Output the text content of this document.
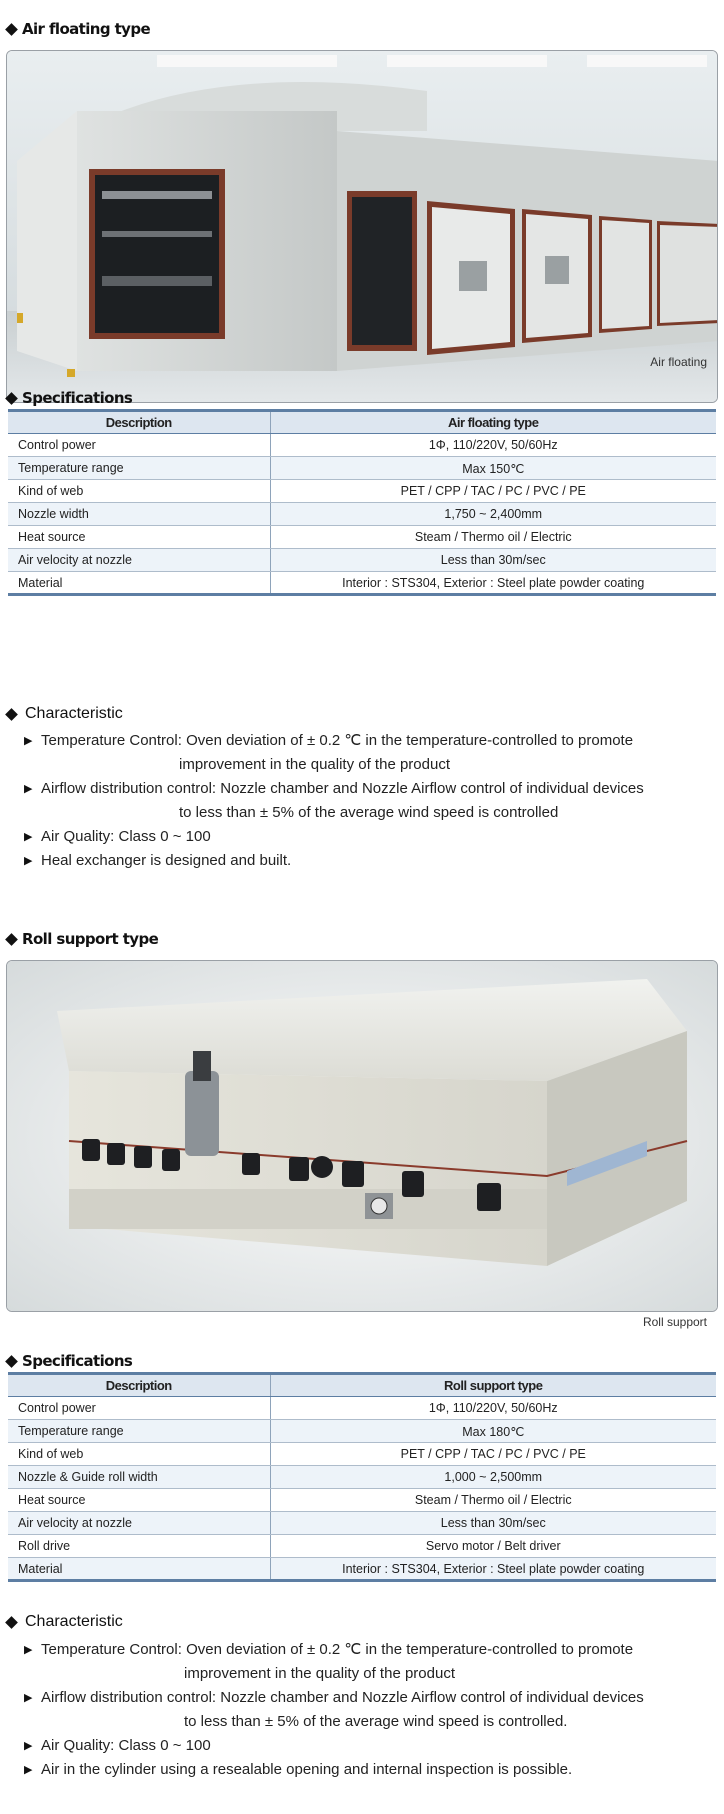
Air floating type
Air floating
Specifications
Description	Air floating type
Control power	1Φ, 110/220V, 50/60Hz
Temperature range	Max 150℃
Kind of web	PET / CPP / TAC / PC / PVC / PE
Nozzle width	1,750 ~ 2,400mm
Heat source	Steam / Thermo oil / Electric
Air velocity at nozzle	Less than 30m/sec
Material	Interior : STS304, Exterior : Steel plate powder coating
Characteristic
▶ Temperature Control: Oven deviation of ± 0.2 ℃ in the temperature-controlled to promote
improvement in the quality of the product
▶ Airflow distribution control: Nozzle chamber and Nozzle Airflow control of individual devices
to less than ± 5% of the average wind speed is controlled
▶ Air Quality: Class 0 ~ 100
▶ Heal exchanger is designed and built.
Roll support type
Roll support
Specifications
Description	Roll support type
Control power	1Φ, 110/220V, 50/60Hz
Temperature range	Max 180℃
Kind of web	PET / CPP / TAC / PC / PVC / PE
Nozzle & Guide roll width	1,000 ~ 2,500mm
Heat source	Steam / Thermo oil / Electric
Air velocity at nozzle	Less than 30m/sec
Roll drive	Servo motor / Belt driver
Material	Interior : STS304, Exterior : Steel plate powder coating
Characteristic
▶ Temperature Control: Oven deviation of ± 0.2 ℃ in the temperature-controlled to promote
improvement in the quality of the product
▶ Airflow distribution control: Nozzle chamber and Nozzle Airflow control of individual devices
to less than ± 5% of the average wind speed is controlled.
▶ Air Quality: Class 0 ~ 100
▶ Air in the cylinder using a resealable opening and internal inspection is possible.
